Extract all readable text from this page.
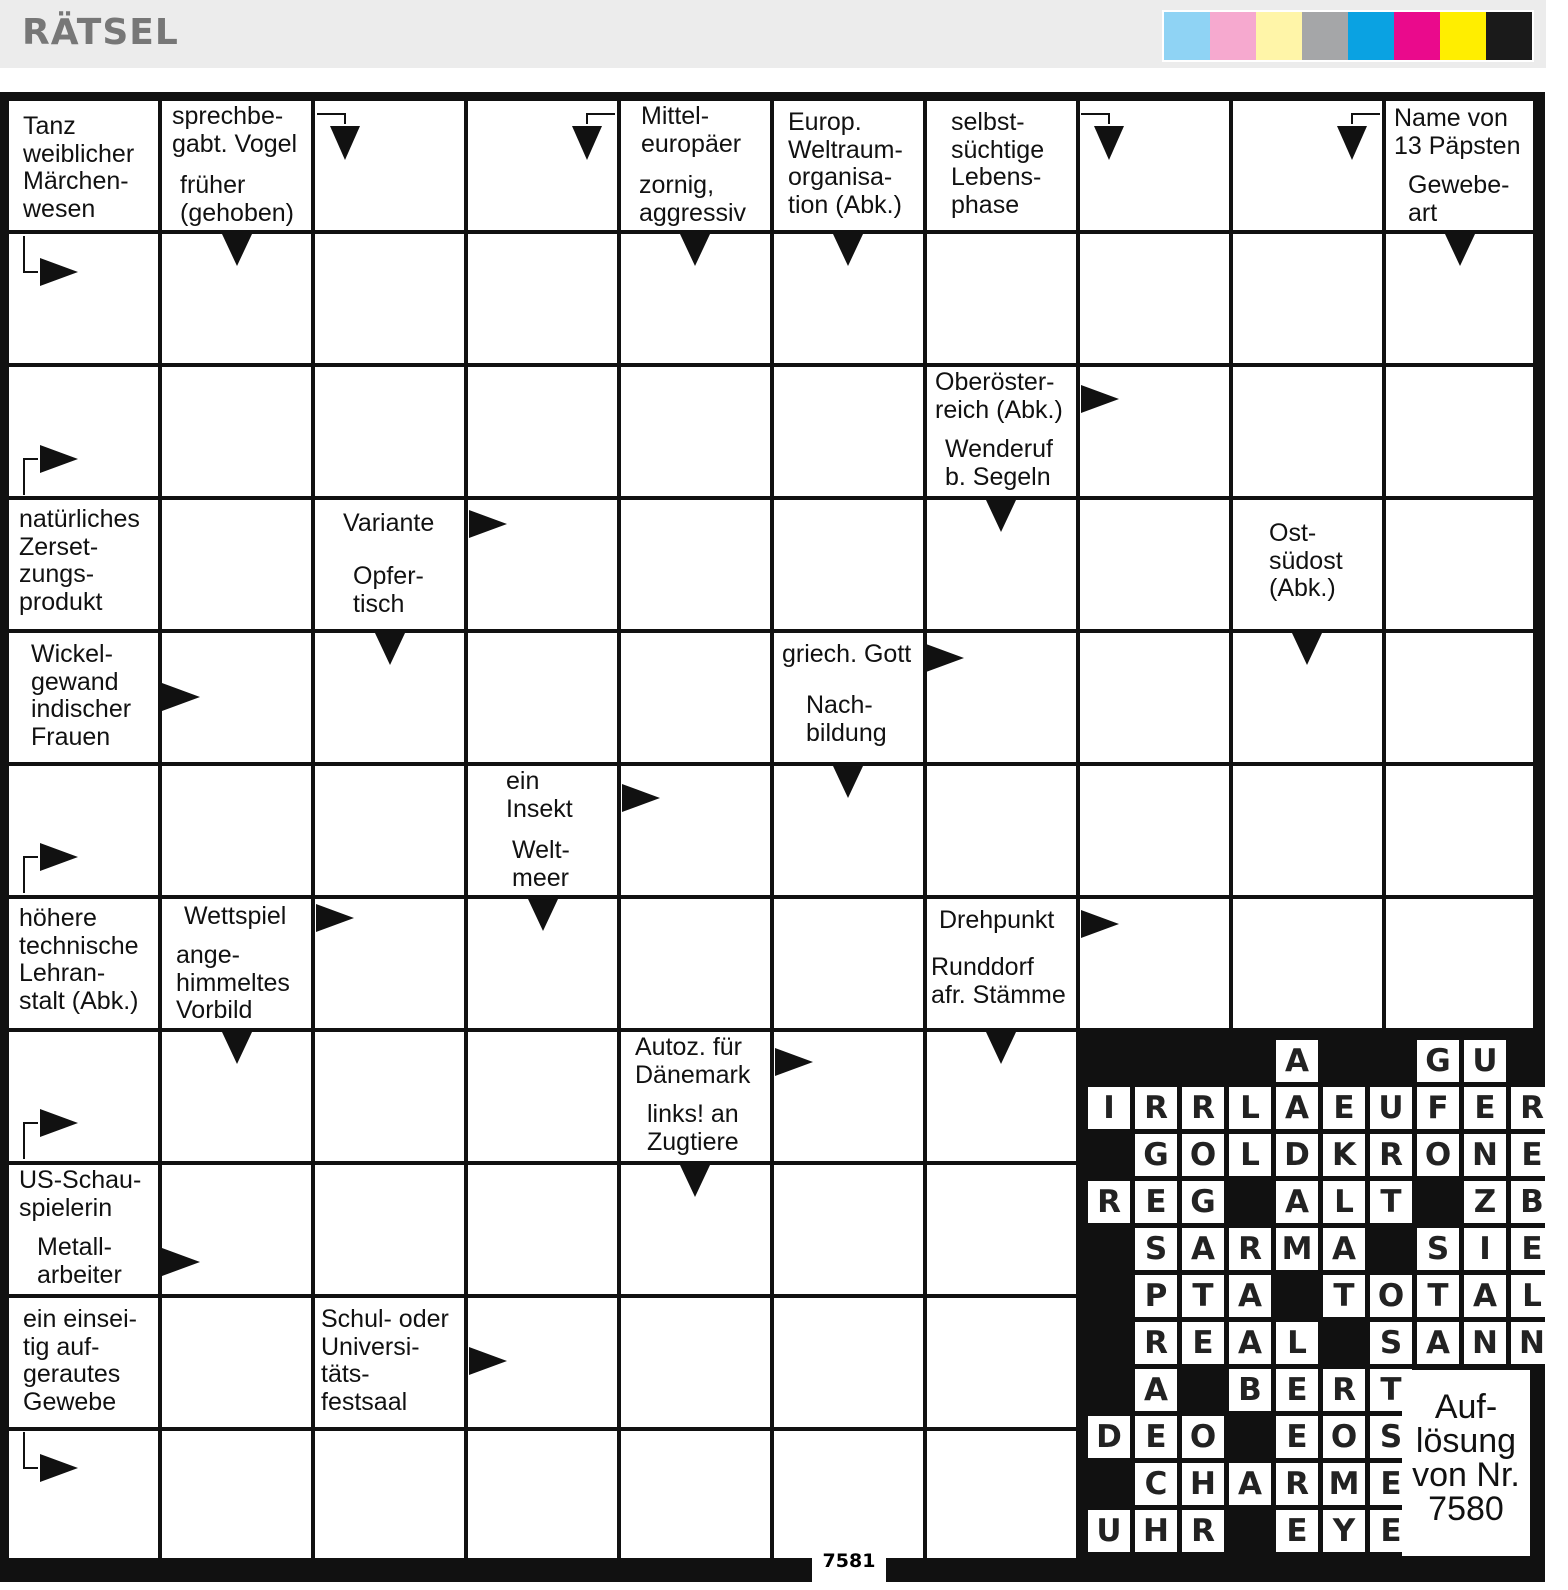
RÄTSEL
Tanz
weiblicher
Märchen-
wesen
sprechbe-
gabt. Vogel
früher
(gehoben)
Mittel-
europäer
zornig,
aggressiv
Europ.
Weltraum-
organisa-
tion (Abk.)
selbst-
süchtige
Lebens-
phase
Name von
13 Päpsten
Gewebe-
art
Oberöster-
reich (Abk.)
Wenderuf
b. Segeln
natürliches
Zerset-
zungs-
produkt
Variante
Opfer-
tisch
Ost-
südost
(Abk.)
Wickel-
gewand
indischer
Frauen
griech. Gott
Nach-
bildung
ein
Insekt
Welt-
meer
höhere
technische
Lehran-
stalt (Abk.)
Wettspiel
ange-
himmeltes
Vorbild
Drehpunkt
Runddorf
afr. Stämme
Autoz. für
Dänemark
links! an
Zugtiere
US-Schau-
spielerin
Metall-
arbeiter
ein einsei-
tig auf-
gerautes
Gewebe
Schul- oder
Universi-
täts-
festsaal
A	G U
I R R L A E U F E R
G O L D K R O N E
R E G A L T	Z B
S A R M A	S I E
P T A	T O T A L
R E A L	S A N N
A B E R T
D E O	E O S
C H A R M E
U H R	E Y E
Auf-
lösung
von Nr.
7580
7581
